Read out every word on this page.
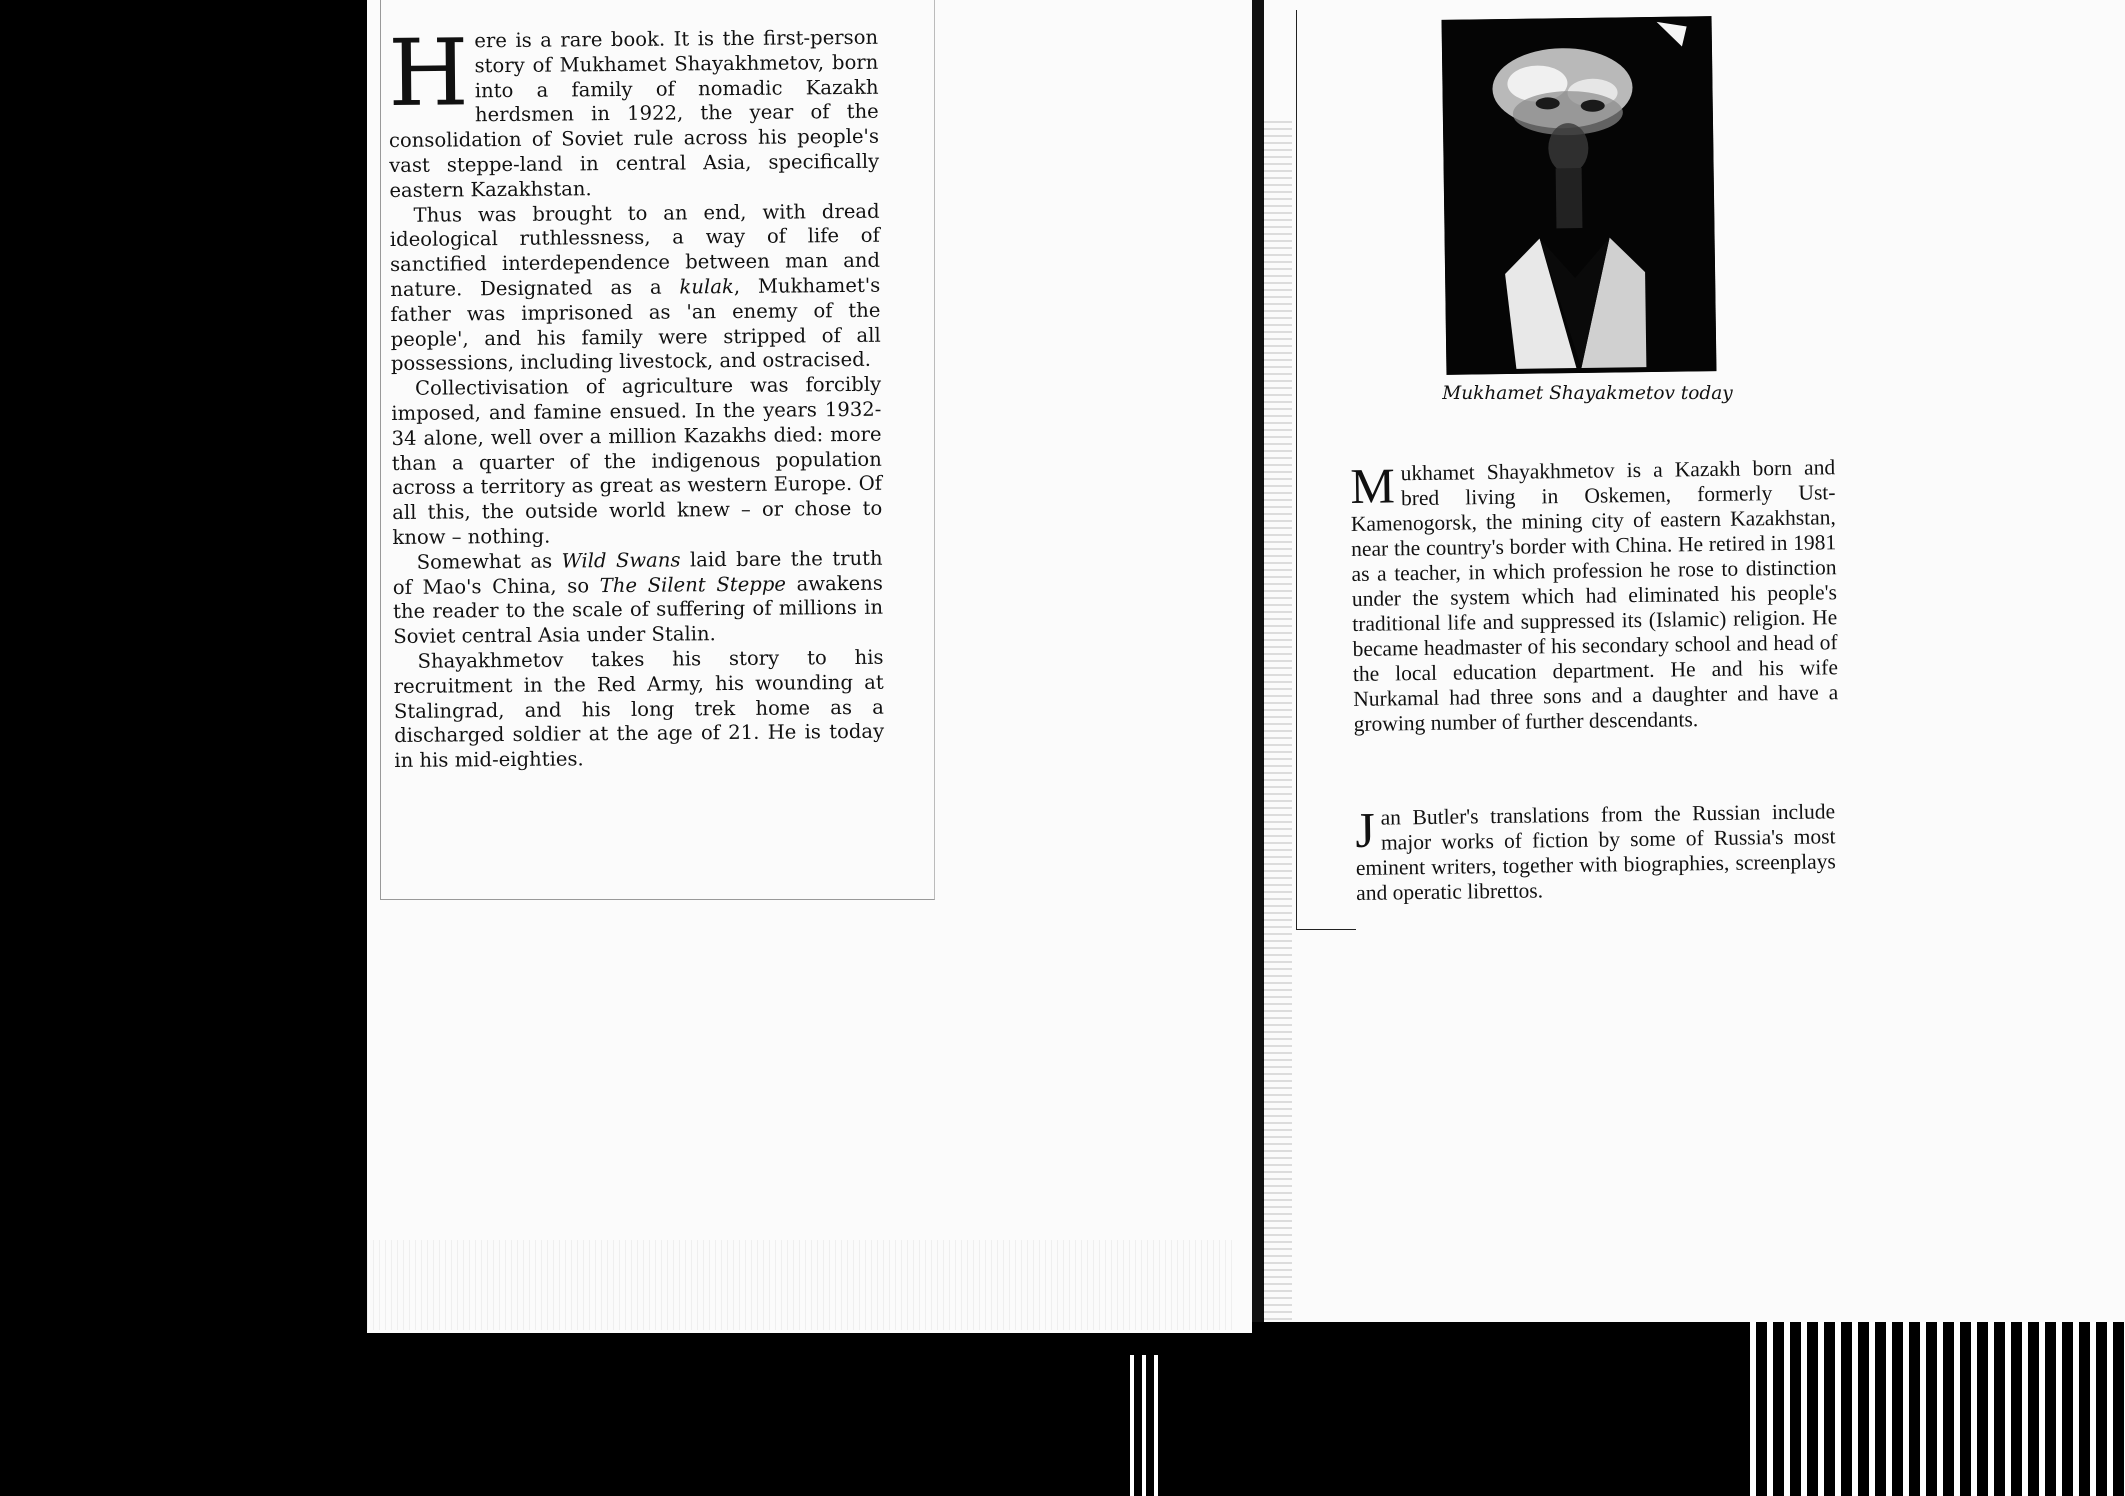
Here is a rare book. It is the first-person story of Mukhamet Shayakhmetov, born into a family of nomadic Kazakh herdsmen in 1922, the year of the consolidation of Soviet rule across his people's vast steppe-land in central Asia, specifically eastern Kazakhstan.

Thus was brought to an end, with dread ideological ruthlessness, a way of life of sanctified interdependence between man and nature. Designated as a kulak, Mukhamet's father was imprisoned as 'an enemy of the people', and his family were stripped of all possessions, including livestock, and ostracised.

Collectivisation of agriculture was forcibly imposed, and famine ensued. In the years 1932-34 alone, well over a million Kazakhs died: more than a quarter of the indigenous population across a territory as great as western Europe. Of all this, the outside world knew – or chose to know – nothing.

Somewhat as Wild Swans laid bare the truth of Mao's China, so The Silent Steppe awakens the reader to the scale of suffering of millions in Soviet central Asia under Stalin.

Shayakhmetov takes his story to his recruitment in the Red Army, his wounding at Stalingrad, and his long trek home as a discharged soldier at the age of 21. He is today in his mid-eighties.

Mukhamet Shayakmetov today

Mukhamet Shayakhmetov is a Kazakh born and bred living in Oskemen, formerly Ust-Kamenogorsk, the mining city of eastern Kazakhstan, near the country's border with China. He retired in 1981 as a teacher, in which profession he rose to distinction under the system which had eliminated his people's traditional life and suppressed its (Islamic) religion. He became headmaster of his secondary school and head of the local education department. He and his wife Nurkamal had three sons and a daughter and have a growing number of further descendants.

Jan Butler's translations from the Russian include major works of fiction by some of Russia's most eminent writers, together with biographies, screenplays and operatic librettos.
